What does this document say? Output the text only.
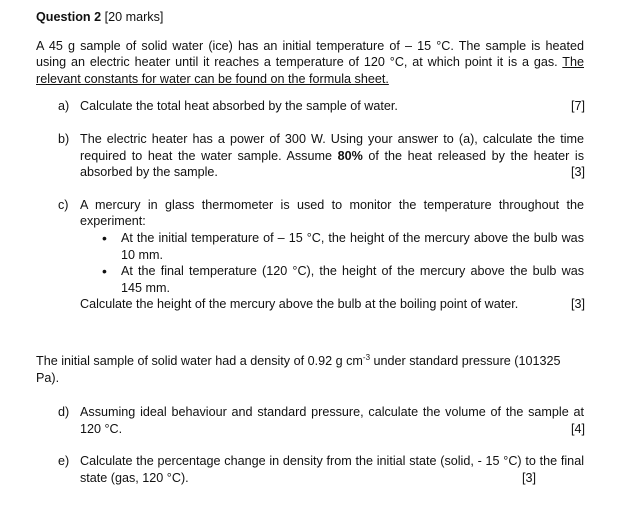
Question 2 [20 marks]
A 45 g sample of solid water (ice) has an initial temperature of – 15 °C. The sample is heated using an electric heater until it reaches a temperature of 120 °C, at which point it is a gas. The relevant constants for water can be found on the formula sheet.
a)	[7]
Calculate the total heat absorbed by the sample of water.
b) The electric heater has a power of 300 W. Using your answer to (a), calculate the time required to heat the water sample. Assume 80% of the heat released by the heater is absorbed by the sample.	[3]
c) A mercury in glass thermometer is used to monitor the temperature throughout the experiment:
• At the initial temperature of – 15 °C, the height of the mercury above the bulb was 10 mm.
• At the final temperature (120 °C), the height of the mercury above the bulb was 145 mm.
Calculate the height of the mercury above the bulb at the boiling point of water.	[3]
The initial sample of solid water had a density of 0.92 g $cm^{-3}$ under standard pressure (101325 Pa).
d) Assuming ideal behaviour and standard pressure, calculate the volume of the sample at 120 °C.	[4]
e) Calculate the percentage change in density from the initial state (solid, - 15 °C) to the final state (gas, 120 °C).	[3]
